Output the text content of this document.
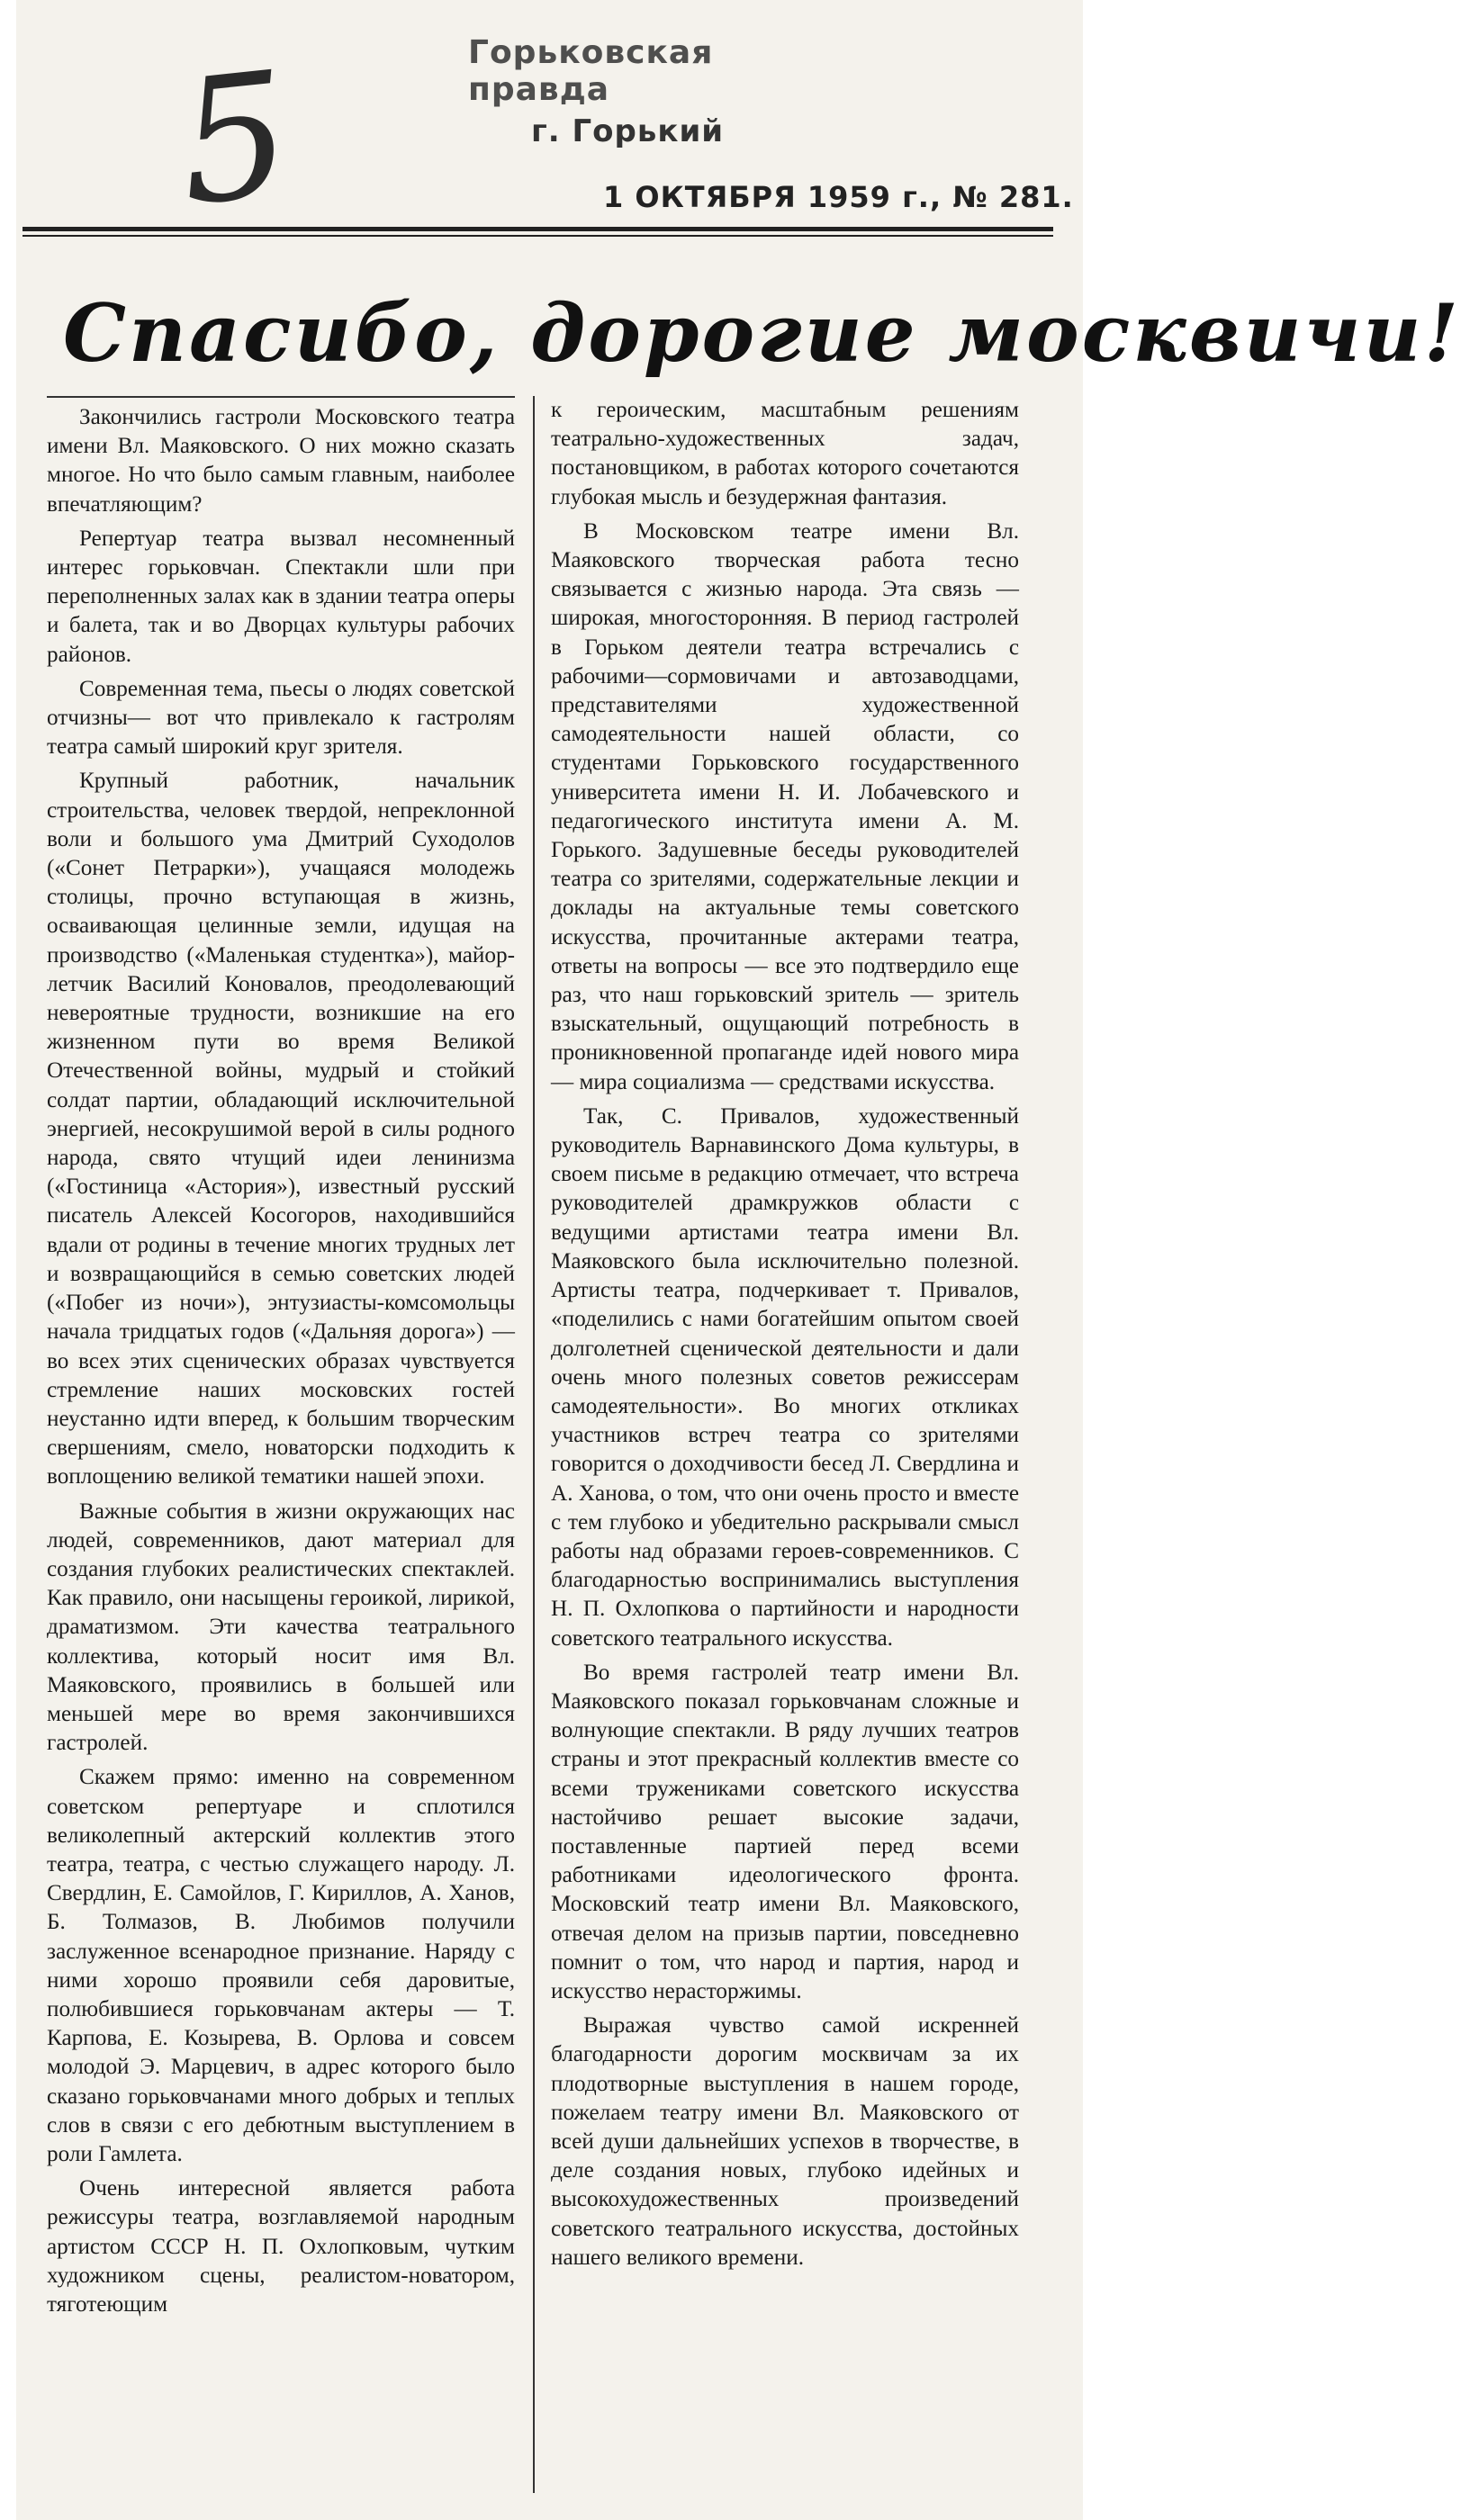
5	Горьковская правда
г. Горький
1 ОКТЯБРЯ 1959 г., № 281.
Спасибо, дорогие москвичи!

Закончились гастроли Московского театра имени Вл. Маяковского. О них можно сказать многое. Но что было самым главным, наиболее впечатляющим?

Репертуар театра вызвал несомненный интерес горьковчан. Спектакли шли при переполненных залах как в здании театра оперы и балета, так и во Дворцах культуры рабочих районов.

Современная тема, пьесы о людях советской отчизны— вот что привлекало к гастролям театра самый широкий круг зрителя.

Крупный работник, начальник строительства, человек твердой, непреклонной воли и большого ума Дмитрий Суходолов («Сонет Петрарки»), учащаяся молодежь столицы, прочно вступающая в жизнь, осваивающая целинные земли, идущая на производство («Маленькая студентка»), майор-летчик Василий Коновалов, преодолевающий невероятные трудности, возникшие на его жизненном пути во время Великой Отечественной войны, мудрый и стойкий солдат партии, обладающий исключительной энергией, несокрушимой верой в силы родного народа, свято чтущий идеи ленинизма («Гостиница «Астория»), известный русский писатель Алексей Косогоров, находившийся вдали от родины в течение многих трудных лет и возвращающийся в семью советских людей («Побег из ночи»), энтузиасты-комсомольцы начала тридцатых годов («Дальняя дорога») — во всех этих сценических образах чувствуется стремление наших московских гостей неустанно идти вперед, к большим творческим свершениям, смело, новаторски подходить к воплощению великой тематики нашей эпохи.

Важные события в жизни окружающих нас людей, современников, дают материал для создания глубоких реалистических спектаклей. Как правило, они насыщены героикой, лирикой, драматизмом. Эти качества театрального коллектива, который носит имя Вл. Маяковского, проявились в большей или меньшей мере во время закончившихся гастролей.

Скажем прямо: именно на современном советском репертуаре и сплотился великолепный актерский коллектив этого театра, театра, с честью служащего народу. Л. Свердлин, Е. Самойлов, Г. Кириллов, А. Ханов, Б. Толмазов, В. Любимов получили заслуженное всенародное признание. Наряду с ними хорошо проявили себя даровитые, полюбившиеся горьковчанам актеры — Т. Карпова, Е. Козырева, В. Орлова и совсем молодой Э. Марцевич, в адрес которого было сказано горьковчанами много добрых и теплых слов в связи с его дебютным выступлением в роли Гамлета.

Очень интересной является работа режиссуры театра, возглавляемой народным артистом СССР Н. П. Охлопковым, чутким художником сцены, реалистом-новатором, тяготеющим

к героическим, масштабным решениям театрально-художественных задач, постановщиком, в работах которого сочетаются глубокая мысль и безудержная фантазия.

В Московском театре имени Вл. Маяковского творческая работа тесно связывается с жизнью народа. Эта связь — широкая, многосторонняя. В период гастролей в Горьком деятели театра встречались с рабочими—сормовичами и автозаводцами, представителями художественной самодеятельности нашей области, со студентами Горьковского государственного университета имени Н. И. Лобачевского и педагогического института имени А. М. Горького. Задушевные беседы руководителей театра со зрителями, содержательные лекции и доклады на актуальные темы советского искусства, прочитанные актерами театра, ответы на вопросы — все это подтвердило еще раз, что наш горьковский зритель — зритель взыскательный, ощущающий потребность в проникновенной пропаганде идей нового мира — мира социализма — средствами искусства.

Так, С. Привалов, художественный руководитель Варнавинского Дома культуры, в своем письме в редакцию отмечает, что встреча руководителей драмкружков области с ведущими артистами театра имени Вл. Маяковского была исключительно полезной. Артисты театра, подчеркивает т. Привалов, «поделились с нами богатейшим опытом своей долголетней сценической деятельности и дали очень много полезных советов режиссерам самодеятельности». Во многих откликах участников встреч театра со зрителями говорится о доходчивости бесед Л. Свердлина и А. Ханова, о том, что они очень просто и вместе с тем глубоко и убедительно раскрывали смысл работы над образами героев-современников. С благодарностью воспринимались выступления Н. П. Охлопкова о партийности и народности советского театрального искусства.

Во время гастролей театр имени Вл. Маяковского показал горьковчанам сложные и волнующие спектакли. В ряду лучших театров страны и этот прекрасный коллектив вместе со всеми тружениками советского искусства настойчиво решает высокие задачи, поставленные партией перед всеми работниками идеологического фронта. Московский театр имени Вл. Маяковского, отвечая делом на призыв партии, повседневно помнит о том, что народ и партия, народ и искусство нерасторжимы.

Выражая чувство самой искренней благодарности дорогим москвичам за их плодотворные выступления в нашем городе, пожелаем театру имени Вл. Маяковского от всей души дальнейших успехов в творчестве, в деле создания новых, глубоко идейных и высокохудожественных произведений советского театрального искусства, достойных нашего великого времени.
